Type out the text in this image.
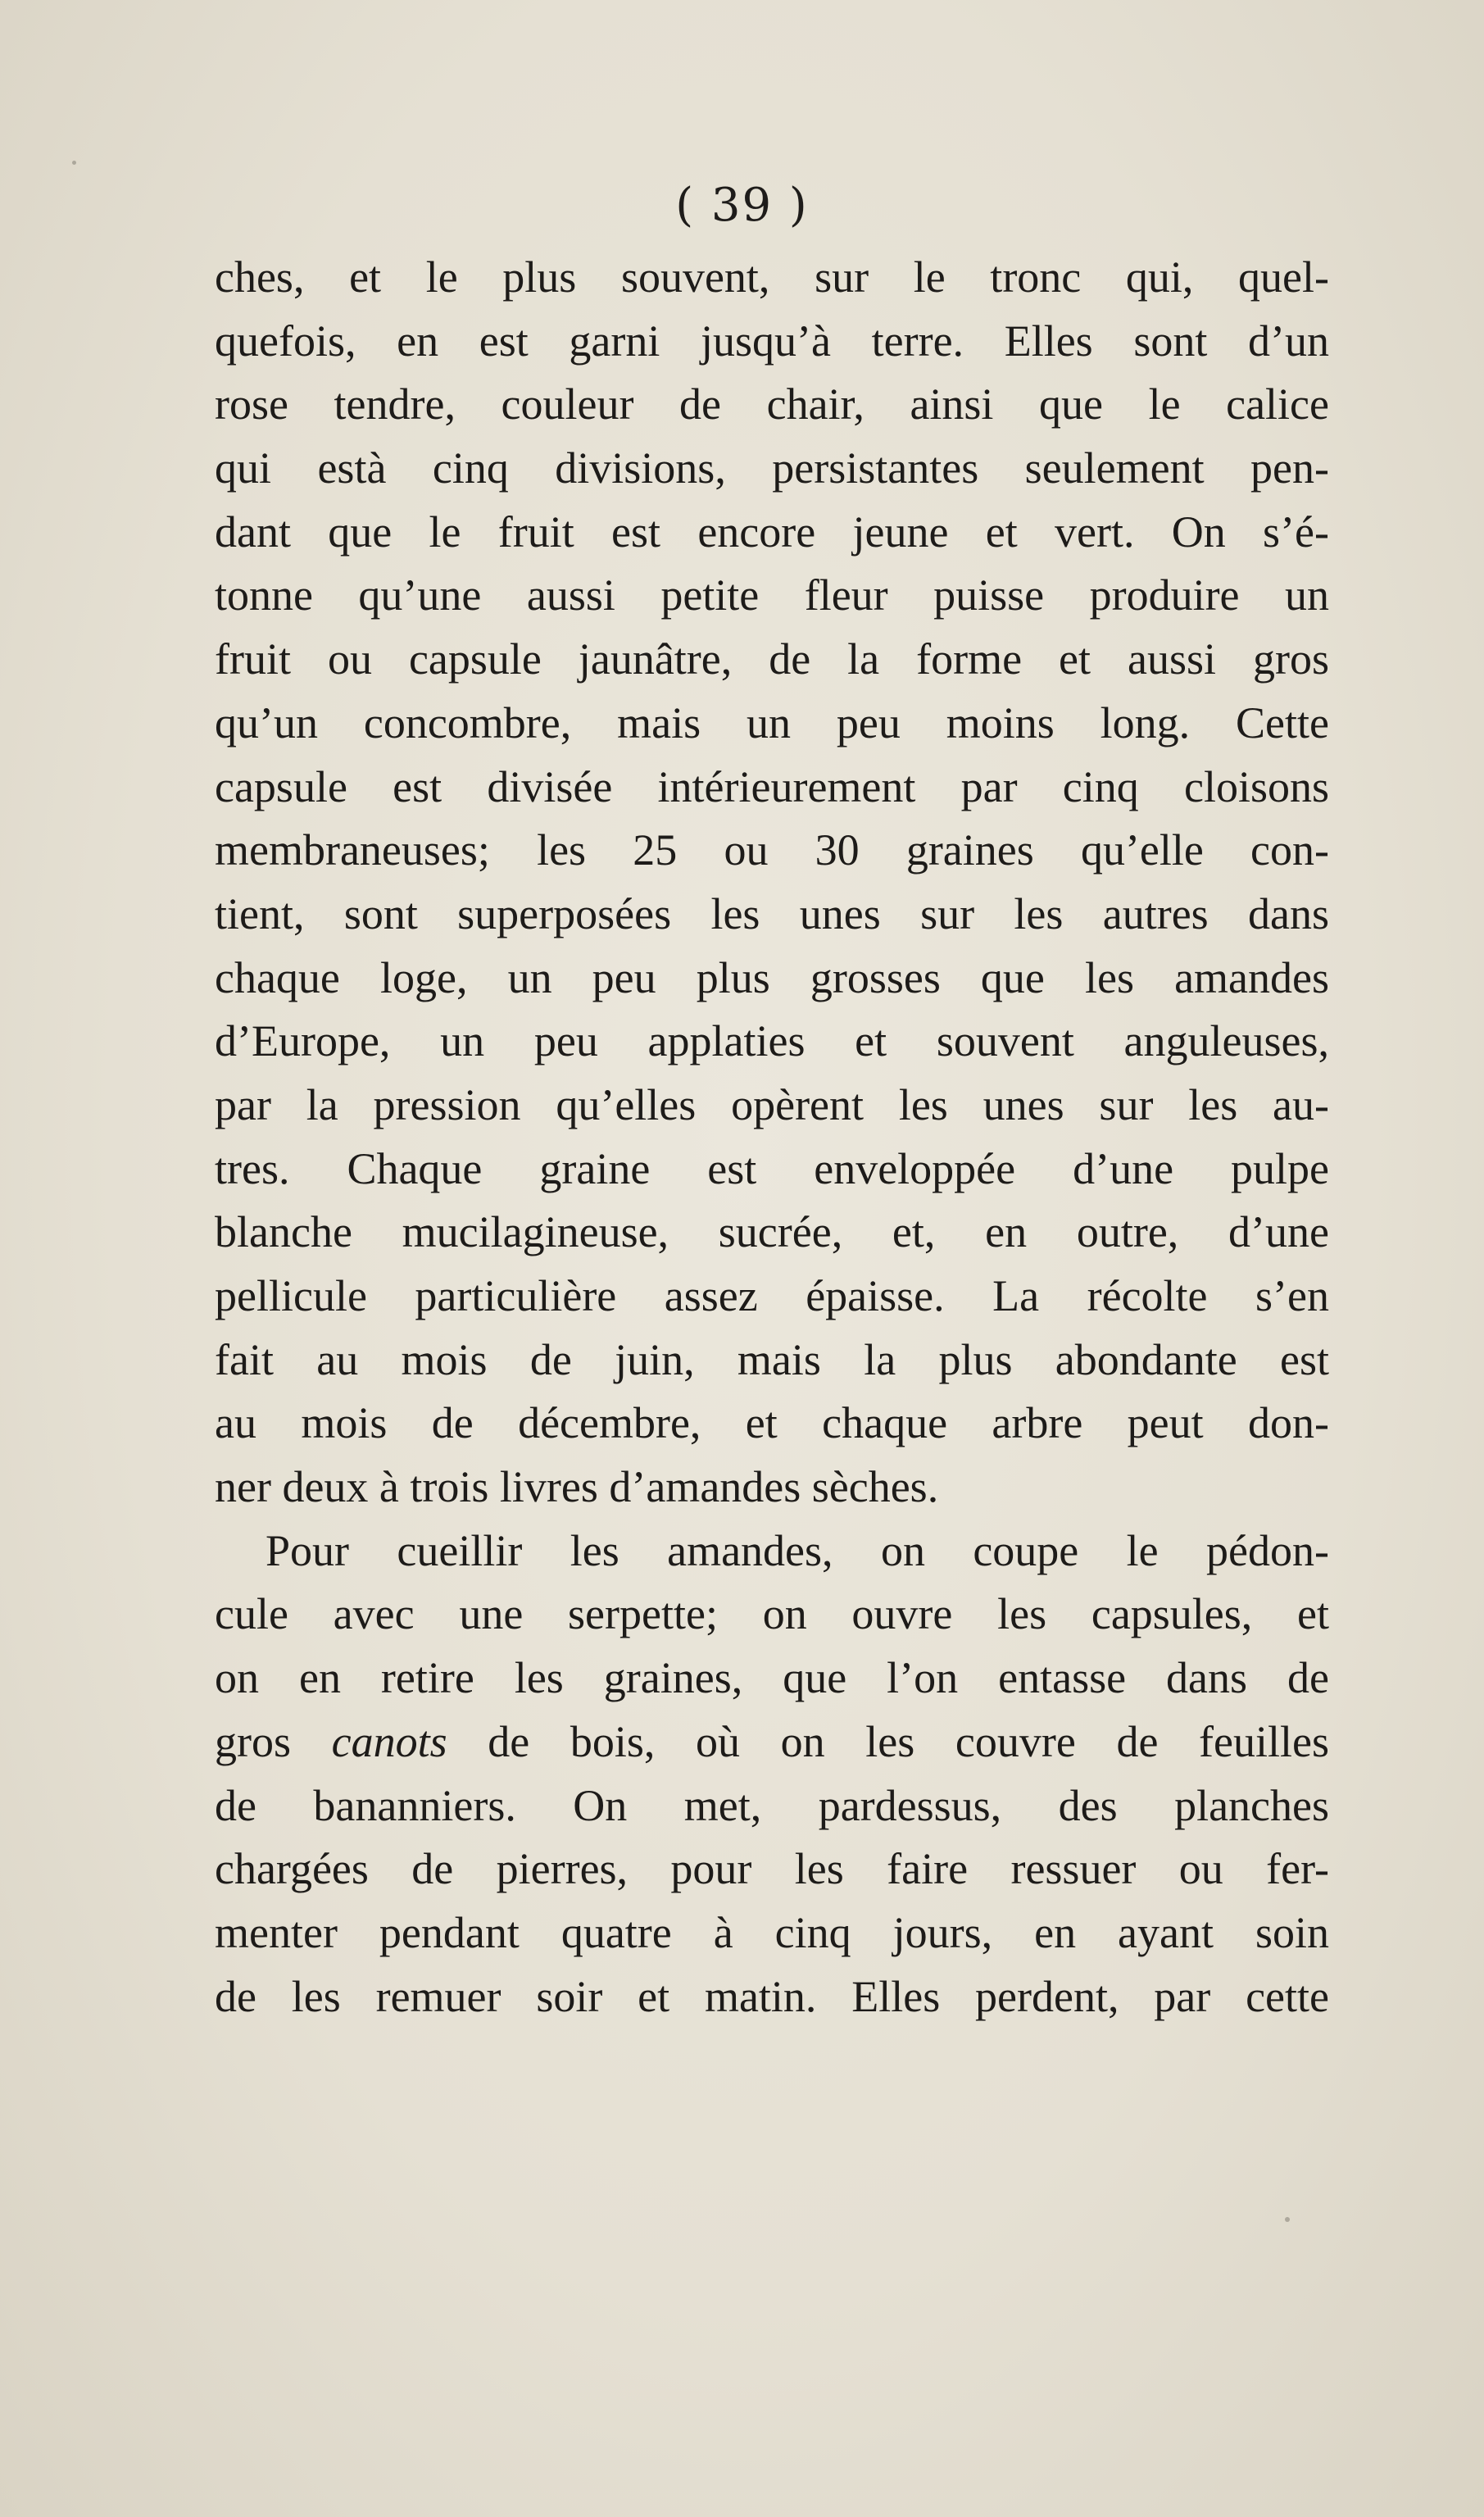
( 39 )
ches, et le plus souvent, sur le tronc qui, quel-
quefois, en est garni jusqu’à terre. Elles sont d’un
rose tendre, couleur de chair, ainsi que le calice
qui està cinq divisions, persistantes seulement pen-
dant que le fruit est encore jeune et vert. On s’é-
tonne qu’une aussi petite fleur puisse produire un
fruit ou capsule jaunâtre, de la forme et aussi gros
qu’un concombre, mais un peu moins long. Cette
capsule est divisée intérieurement par cinq cloisons
membraneuses; les 25 ou 30 graines qu’elle con-
tient, sont superposées les unes sur les autres dans
chaque loge, un peu plus grosses que les amandes
d’Europe, un peu applaties et souvent anguleuses,
par la pression qu’elles opèrent les unes sur les au-
tres. Chaque graine est enveloppée d’une pulpe
blanche mucilagineuse, sucrée, et, en outre, d’une
pellicule particulière assez épaisse. La récolte s’en
fait au mois de juin, mais la plus abondante est
au mois de décembre, et chaque arbre peut don-
ner deux à trois livres d’amandes sèches.
Pour cueillir les amandes, on coupe le pédon-
cule avec une serpette; on ouvre les capsules, et
on en retire les graines, que l’on entasse dans de
gros canots de bois, où on les couvre de feuilles
de bananniers. On met, pardessus, des planches
chargées de pierres, pour les faire ressuer ou fer-
menter pendant quatre à cinq jours, en ayant soin
de les remuer soir et matin. Elles perdent, par cette
